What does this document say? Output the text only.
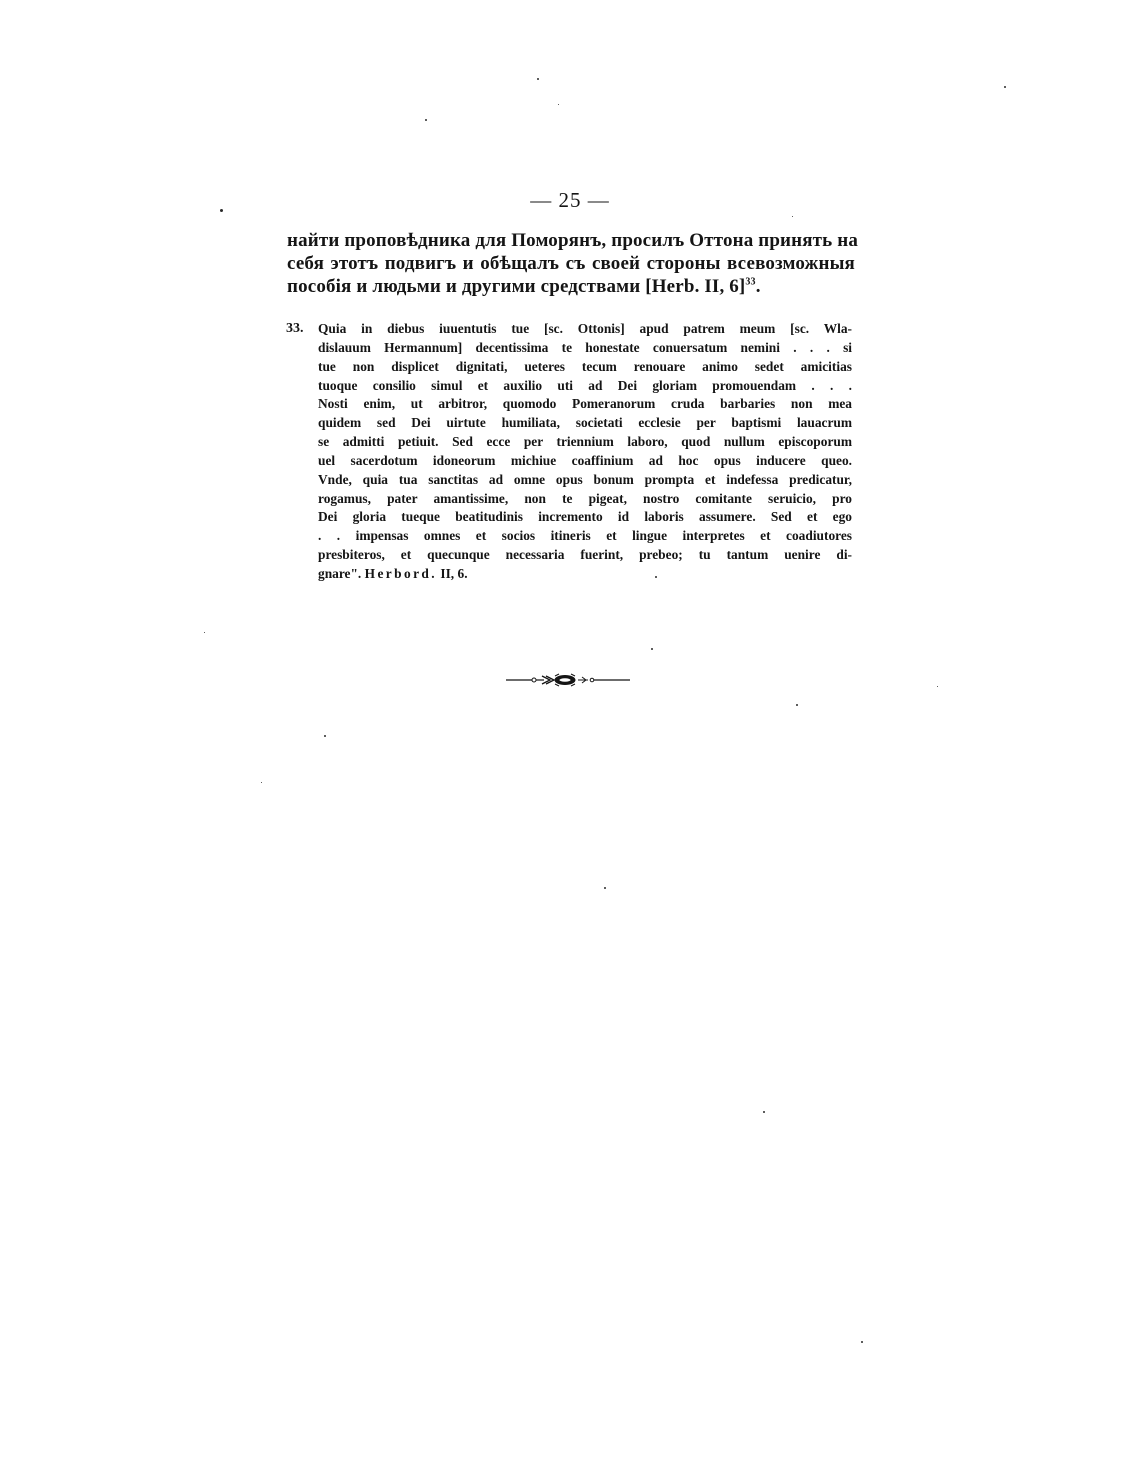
— 25 —
найти проповѣдника для Поморянъ, просилъ Оттона принять на
себя этотъ подвигъ и обѣщалъ съ своей стороны всевозможныя
пособія и людьми и другими средствами [Herb. II, 6]$^{33}$.
33.	Quia in diebus iuuentutis tue [sc. Ottonis] apud patrem meum [sc. Wla-
dislauum Hermannum] decentissima te honestate conuersatum nemini . . . si
tue non displicet dignitati, ueteres tecum renouare animo sedet amicitias
tuoque consilio simul et auxilio uti ad Dei gloriam promouendam . . .
Nosti enim, ut arbitror, quomodo Pomeranorum cruda barbaries non mea
quidem sed Dei uirtute humiliata, societati ecclesie per baptismi lauacrum
se admitti petiuit. Sed ecce per triennium laboro, quod nullum episcoporum
uel sacerdotum idoneorum michiue coaffinium ad hoc opus inducere queo.
Vnde, quia tua sanctitas ad omne opus bonum prompta et indefessa predicatur,
rogamus, pater amantissime, non te pigeat, nostro comitante seruicio, pro
Dei gloria tueque beatitudinis incremento id laboris assumere. Sed et ego
. . impensas omnes et socios itineris et lingue interpretes et coadiutores
presbiteros, et quecunque necessaria fuerint, prebeo; tu tantum uenire di-
gnare". Herbord. II, 6.
